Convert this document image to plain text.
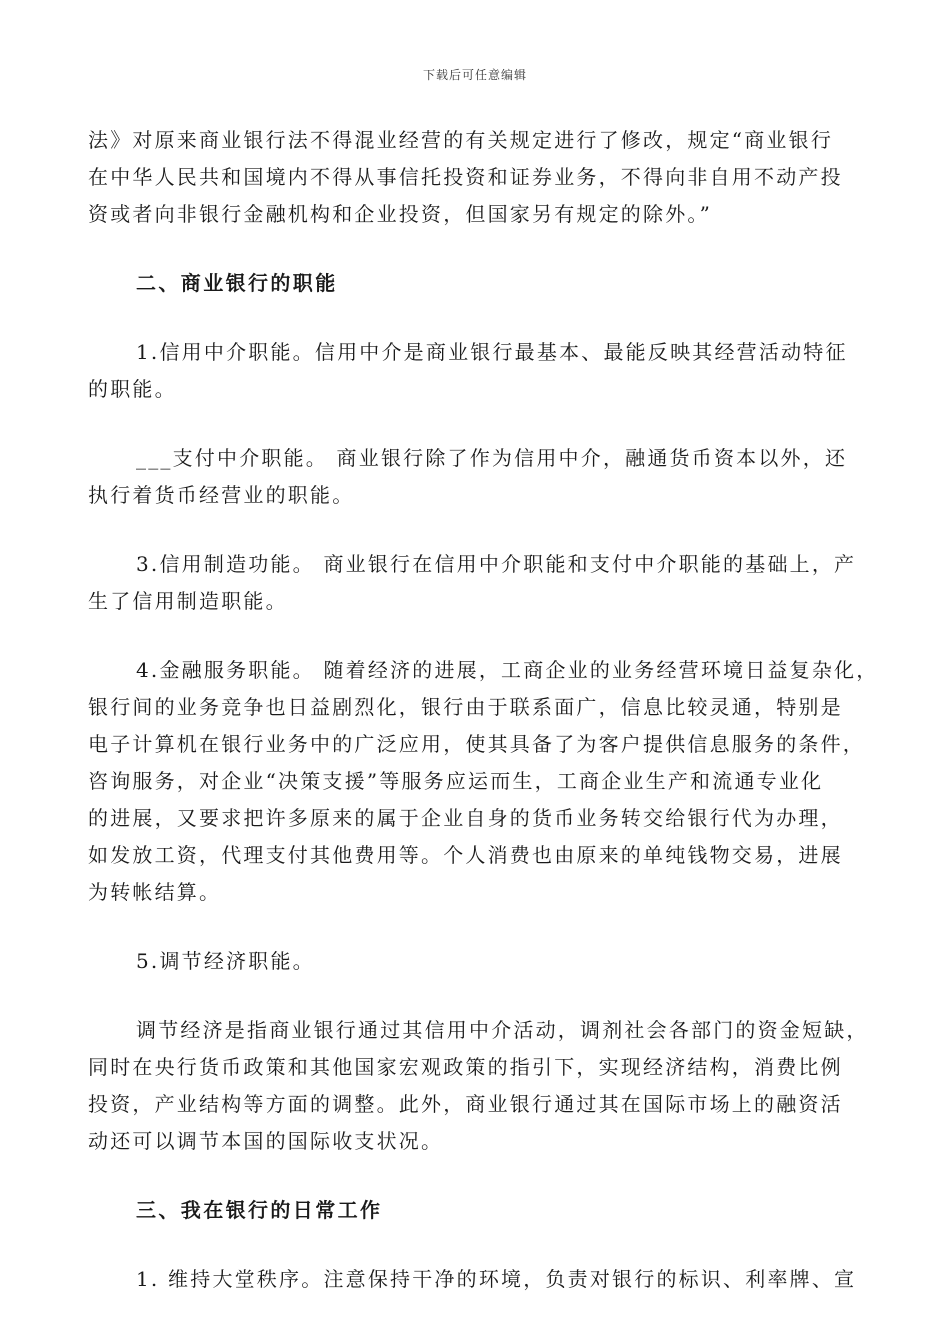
下载后可任意编辑

法》对原来商业银行法不得混业经营的有关规定进行了修改，规定“商业银行
在中华人民共和国境内不得从事信托投资和证券业务，不得向非自用不动产投
资或者向非银行金融机构和企业投资，但国家另有规定的除外。”

二、商业银行的职能

1.信用中介职能。信用中介是商业银行最基本、最能反映其经营活动特征
的职能。

___支付中介职能。 商业银行除了作为信用中介，融通货币资本以外，还
执行着货币经营业的职能。

3.信用制造功能。 商业银行在信用中介职能和支付中介职能的基础上，产
生了信用制造职能。

4.金融服务职能。 随着经济的进展，工商企业的业务经营环境日益复杂化，
银行间的业务竞争也日益剧烈化，银行由于联系面广，信息比较灵通，特别是
电子计算机在银行业务中的广泛应用，使其具备了为客户提供信息服务的条件，
咨询服务，对企业“决策支援”等服务应运而生，工商企业生产和流通专业化
的进展，又要求把许多原来的属于企业自身的货币业务转交给银行代为办理，
如发放工资，代理支付其他费用等。个人消费也由原来的单纯钱物交易，进展
为转帐结算。

5.调节经济职能。

调节经济是指商业银行通过其信用中介活动，调剂社会各部门的资金短缺，
同时在央行货币政策和其他国家宏观政策的指引下，实现经济结构，消费比例
投资，产业结构等方面的调整。此外，商业银行通过其在国际市场上的融资活
动还可以调节本国的国际收支状况。

三、我在银行的日常工作

1. 维持大堂秩序。注意保持干净的环境，负责对银行的标识、利率牌、宣
